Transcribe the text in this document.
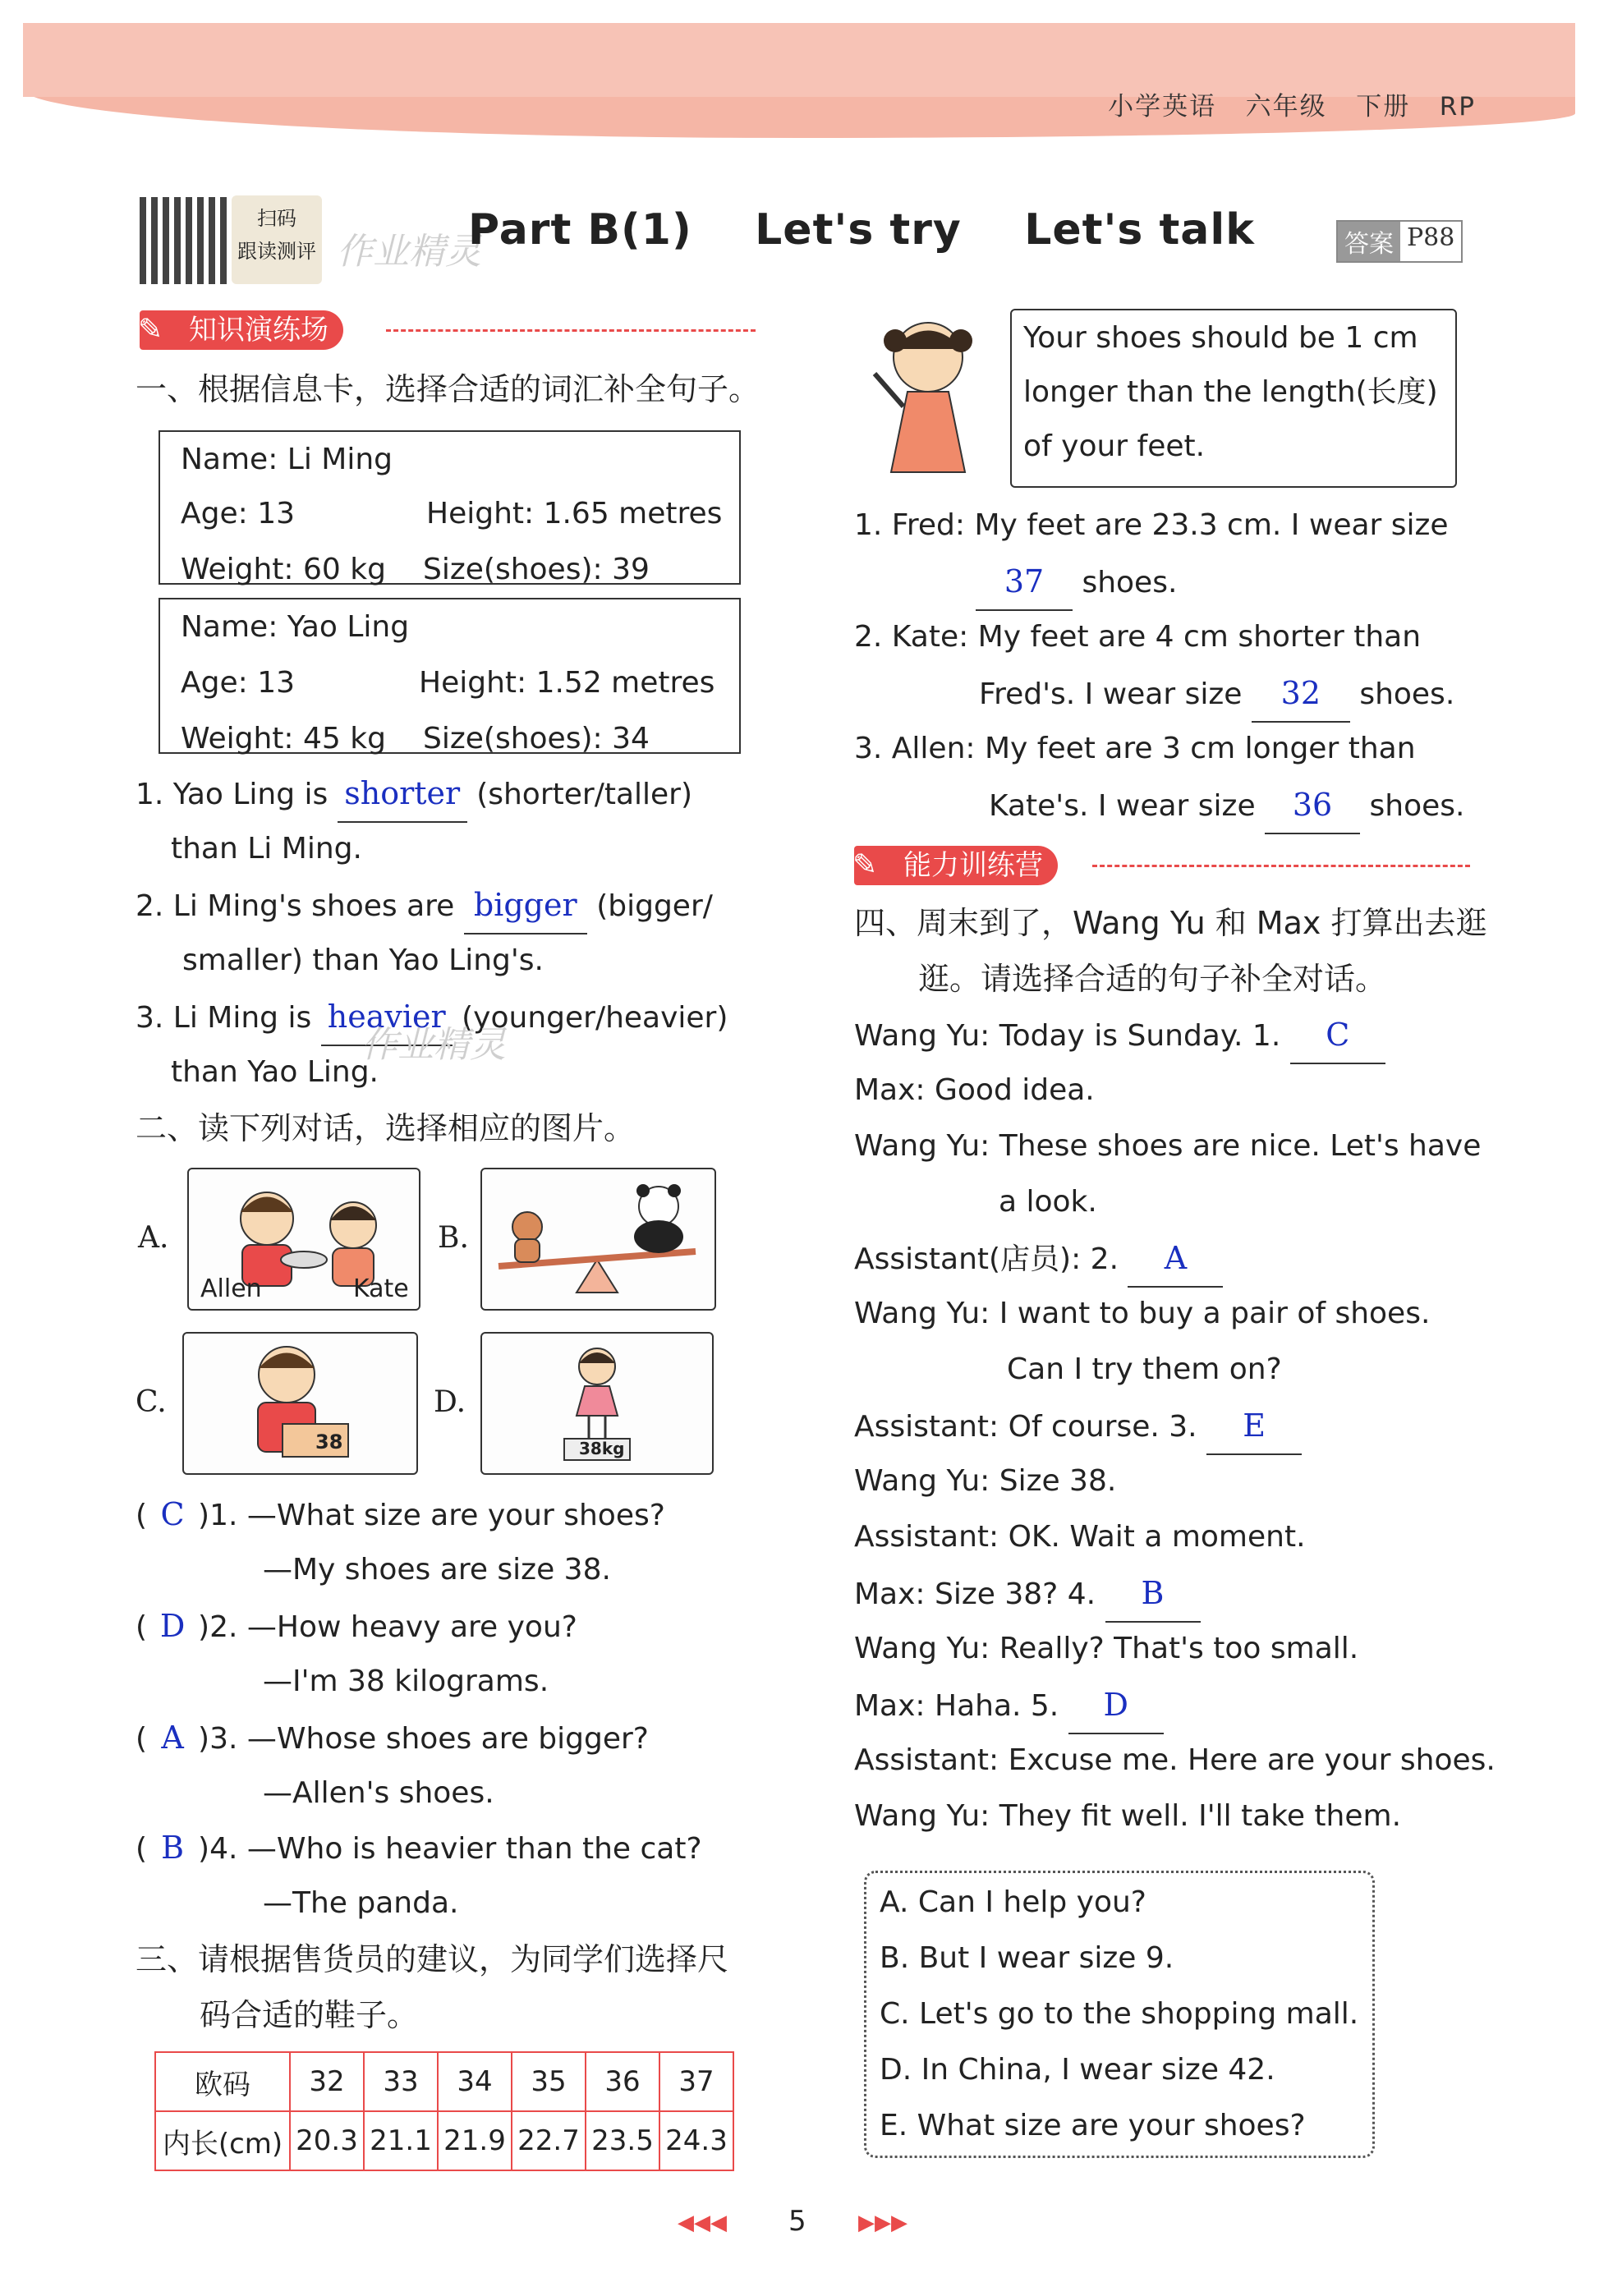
小学英语 六年级 下册 RP
扫码
跟读测评 作业精灵
Part B(1)    Let's try    Let's talk	答案 P88
知识演练场
✎
一、根据信息卡，选择合适的词汇补全句子。
Name: Li Ming
Age: 13	Height: 1.65 metres
Weight: 60 kg Size(shoes): 39
Name: Yao Ling
Age: 13	Height: 1.52 metres
Weight: 45 kg Size(shoes): 34
1. Yao Ling is shorter (shorter/taller)
than Li Ming.
2. Li Ming's shoes are bigger (bigger/
smaller) than Yao Ling's.
3. Li Ming is heavier (younger/heavier)
than Yao Ling.
作业精灵
二、读下列对话，选择相应的图片。
A.
Allen	Kate
B.
C.
38
D.
38kg
( C )1. —What size are your shoes?
—My shoes are size 38.
( D )2. —How heavy are you?
—I'm 38 kilograms.
( A )3. —Whose shoes are bigger?
—Allen's shoes.
( B )4. —Who is heavier than the cat?
—The panda.
三、请根据售货员的建议，为同学们选择尺
码合适的鞋子。
欧码	32	33	34	35	36	37
内长(cm)	20.3	21.1	21.9	22.7	23.5	24.3
Your shoes should be 1 cm
longer than the length(长度)
of your feet.
1. Fred: My feet are 23.3 cm. I wear size
37 shoes.
2. Kate: My feet are 4 cm shorter than
Fred's. I wear size 32 shoes.
3. Allen: My feet are 3 cm longer than
Kate's. I wear size 36 shoes.
能力训练营
✎
四、周末到了，Wang Yu 和 Max 打算出去逛
逛。请选择合适的句子补全对话。
Wang Yu: Today is Sunday. 1. C
Max: Good idea.
Wang Yu: These shoes are nice. Let's have
a look.
Assistant(店员): 2. A
Wang Yu: I want to buy a pair of shoes.
Can I try them on?
Assistant: Of course. 3. E
Wang Yu: Size 38.
Assistant: OK. Wait a moment.
Max: Size 38? 4. B
Wang Yu: Really? That's too small.
Max: Haha. 5. D
Assistant: Excuse me. Here are your shoes.
Wang Yu: They fit well. I'll take them.
A. Can I help you?
B. But I wear size 9.
C. Let's go to the shopping mall.
D. In China, I wear size 42.
E. What size are your shoes?
◀◀◀ 5 ▶▶▶
